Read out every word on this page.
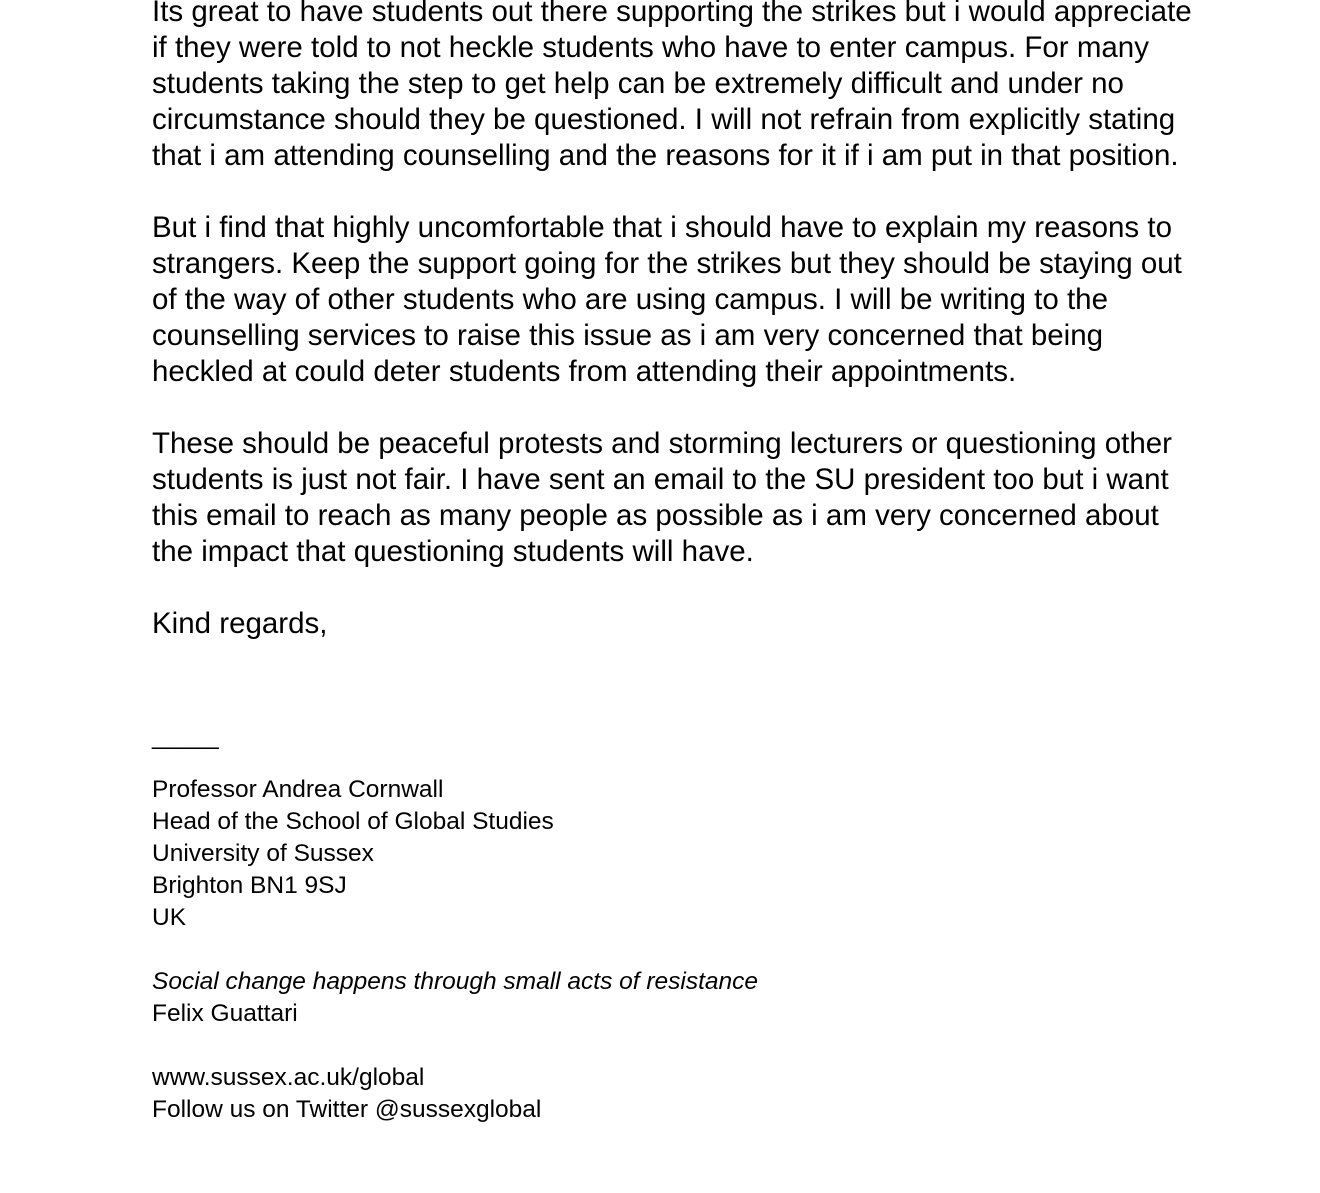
Its great to have students out there supporting the strikes but i would appreciate
if they were told to not heckle students who have to enter campus. For many
students taking the step to get help can be extremely difficult and under no
circumstance should they be questioned. I will not refrain from explicitly stating
that i am attending counselling and the reasons for it if i am put in that position.

But i find that highly uncomfortable that i should have to explain my reasons to
strangers. Keep the support going for the strikes but they should be staying out
of the way of other students who are using campus. I will be writing to the
counselling services to raise this issue as i am very concerned that being
heckled at could deter students from attending their appointments.

These should be peaceful protests and storming lecturers or questioning other
students is just not fair. I have sent an email to the SU president too but i want
this email to reach as many people as possible as i am very concerned about
the impact that questioning students will have.

Kind regards,

_____

Professor Andrea Cornwall

Head of the School of Global Studies

University of Sussex

Brighton BN1 9SJ

UK

Social change happens through small acts of resistance

Felix Guattari

www.sussex.ac.uk/global

Follow us on Twitter @sussexglobal
